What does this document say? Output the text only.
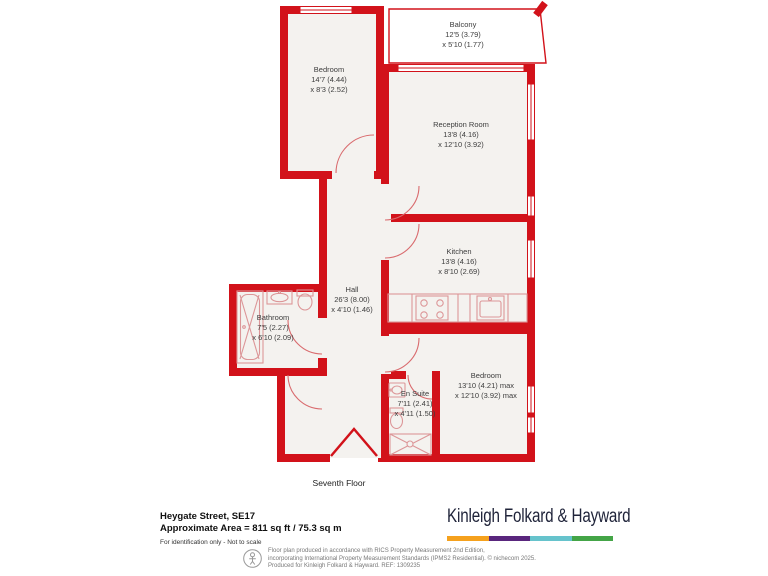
Balcony
12'5 (3.79)
x 5'10 (1.77)
Bedroom
14'7 (4.44)
x 8'3 (2.52)
Reception Room
13'8 (4.16)
x 12'10 (3.92)
Kitchen
13'8 (4.16)
x 8'10 (2.69)
Hall
26'3 (8.00)
x 4'10 (1.46)
Bathroom
7'5 (2.27)
x 6'10 (2.09)
En Suite
7'11 (2.41)
x 4'11 (1.50)
Bedroom
13'10 (4.21) max
x 12'10 (3.92) max
Seventh Floor
Heygate Street, SE17
Approximate Area = 811 sq ft / 75.3 sq m
For identification only - Not to scale
Kinleigh Folkard & Hayward
Floor plan produced in accordance with RICS Property Measurement 2nd Edition,
incorporating International Property Measurement Standards (IPMS2 Residential). © nichecom 2025.
Produced for Kinleigh Folkard & Hayward. REF: 1309235
